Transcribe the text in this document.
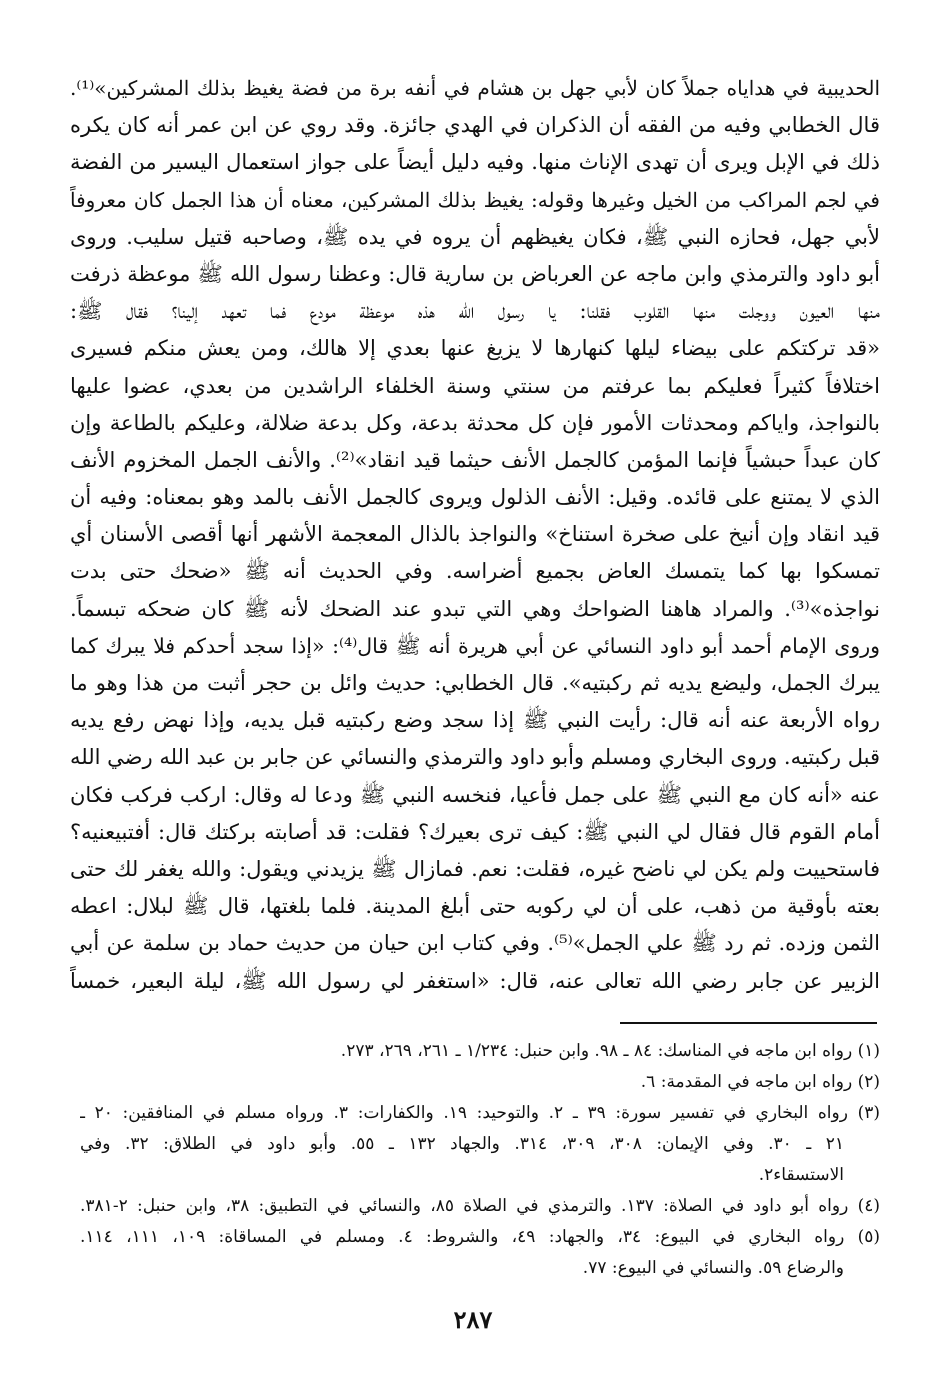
الحديبية في هداياه جملاً كان لأبي جهل بن هشام في أنفه برة من فضة يغيظ بذلك المشركين»⁽¹⁾.
قال الخطابي وفيه من الفقه أن الذكران في الهدي جائزة. وقد روي عن ابن عمر أنه كان يكره
ذلك في الإبل ويرى أن تهدى الإناث منها. وفيه دليل أيضاً على جواز استعمال اليسير من الفضة
في لجم المراكب من الخيل وغيرها وقوله: يغيظ بذلك المشركين، معناه أن هذا الجمل كان معروفاً
لأبي جهل، فحازه النبي ﷺ، فكان يغيظهم أن يروه في يده ﷺ، وصاحبه قتيل سليب. وروى
أبو داود والترمذي وابن ماجه عن العرباض بن سارية قال: وعظنا رسول الله ﷺ موعظة ذرفت
منها العيون ووجلت منها القلوب فقلنا: يا رسول الله هذه موعظة مودع فما تعهد إلينا؟ فقال ﷺ:
«قد تركتكم على بيضاء ليلها كنهارها لا يزيغ عنها بعدي إلا هالك، ومن يعش منكم فسيرى
اختلافاً كثيراً فعليكم بما عرفتم من سنتي وسنة الخلفاء الراشدين من بعدي، عضوا عليها
بالنواجذ، واياكم ومحدثات الأمور فإن كل محدثة بدعة، وكل بدعة ضلالة، وعليكم بالطاعة وإن
كان عبداً حبشياً فإنما المؤمن كالجمل الأنف حيثما قيد انقاد»⁽²⁾. والأنف الجمل المخزوم الأنف
الذي لا يمتنع على قائده. وقيل: الأنف الذلول ويروى كالجمل الأنف بالمد وهو بمعناه: وفيه أن
قيد انقاد وإن أنيخ على صخرة استناخ» والنواجذ بالذال المعجمة الأشهر أنها أقصى الأسنان أي
تمسكوا بها كما يتمسك العاض بجميع أضراسه. وفي الحديث أنه ﷺ «ضحك حتى بدت
نواجذه»⁽³⁾. والمراد هاهنا الضواحك وهي التي تبدو عند الضحك لأنه ﷺ كان ضحكه تبسماً.
وروى الإمام أحمد أبو داود النسائي عن أبي هريرة أنه ﷺ قال⁽⁴⁾: «إذا سجد أحدكم فلا يبرك كما
يبرك الجمل، وليضع يديه ثم ركبتيه». قال الخطابي: حديث وائل بن حجر أثبت من هذا وهو ما
رواه الأربعة عنه أنه قال: رأيت النبي ﷺ إذا سجد وضع ركبتيه قبل يديه، وإذا نهض رفع يديه
قبل ركبتيه. وروى البخاري ومسلم وأبو داود والترمذي والنسائي عن جابر بن عبد الله رضي الله
عنه «أنه كان مع النبي ﷺ على جمل فأعيا، فنخسه النبي ﷺ ودعا له وقال: اركب فركب فكان
أمام القوم قال فقال لي النبي ﷺ: كيف ترى بعيرك؟ فقلت: قد أصابته بركتك قال: أفتبيعنيه؟
فاستحييت ولم يكن لي ناضح غيره، فقلت: نعم. فمازال ﷺ يزيدني ويقول: والله يغفر لك حتى
بعته بأوقية من ذهب، على أن لي ركوبه حتى أبلغ المدينة. فلما بلغتها، قال ﷺ لبلال: اعطه
الثمن وزده. ثم رد ﷺ علي الجمل»⁽⁵⁾. وفي كتاب ابن حيان من حديث حماد بن سلمة عن أبي
الزبير عن جابر رضي الله تعالى عنه، قال: «استغفر لي رسول الله ﷺ، ليلة البعير، خمساً
(١) رواه ابن ماجه في المناسك: ٨٤ ـ ٩٨. وابن حنبل: ١/٢٣٤ ـ ٢٦١، ٢٦٩، ٢٧٣.
(٢) رواه ابن ماجه في المقدمة: ٦.
(٣) رواه البخاري في تفسير سورة: ٣٩ ـ ٢. والتوحيد: ١٩. والكفارات: ٣. ورواه مسلم في المنافقين: ٢٠ ـ
٢١ ـ ٣٠. وفي الإيمان: ٣٠٨، ٣٠٩، ٣١٤. والجهاد ١٣٢ ـ ٥٥. وأبو داود في الطلاق: ٣٢. وفي
الاستسقاء٢.
(٤) رواه أبو داود في الصلاة: ١٣٧. والترمذي في الصلاة ٨٥، والنسائي في التطبيق: ٣٨، وابن حنبل: ٢-٣٨١.
(٥) رواه البخاري في البيوع: ٣٤، والجهاد: ٤٩، والشروط: ٤. ومسلم في المساقاة: ١٠٩، ١١١، ١١٤.
والرضاع ٥٩. والنسائي في البيوع: ٧٧.
٢٨٧
